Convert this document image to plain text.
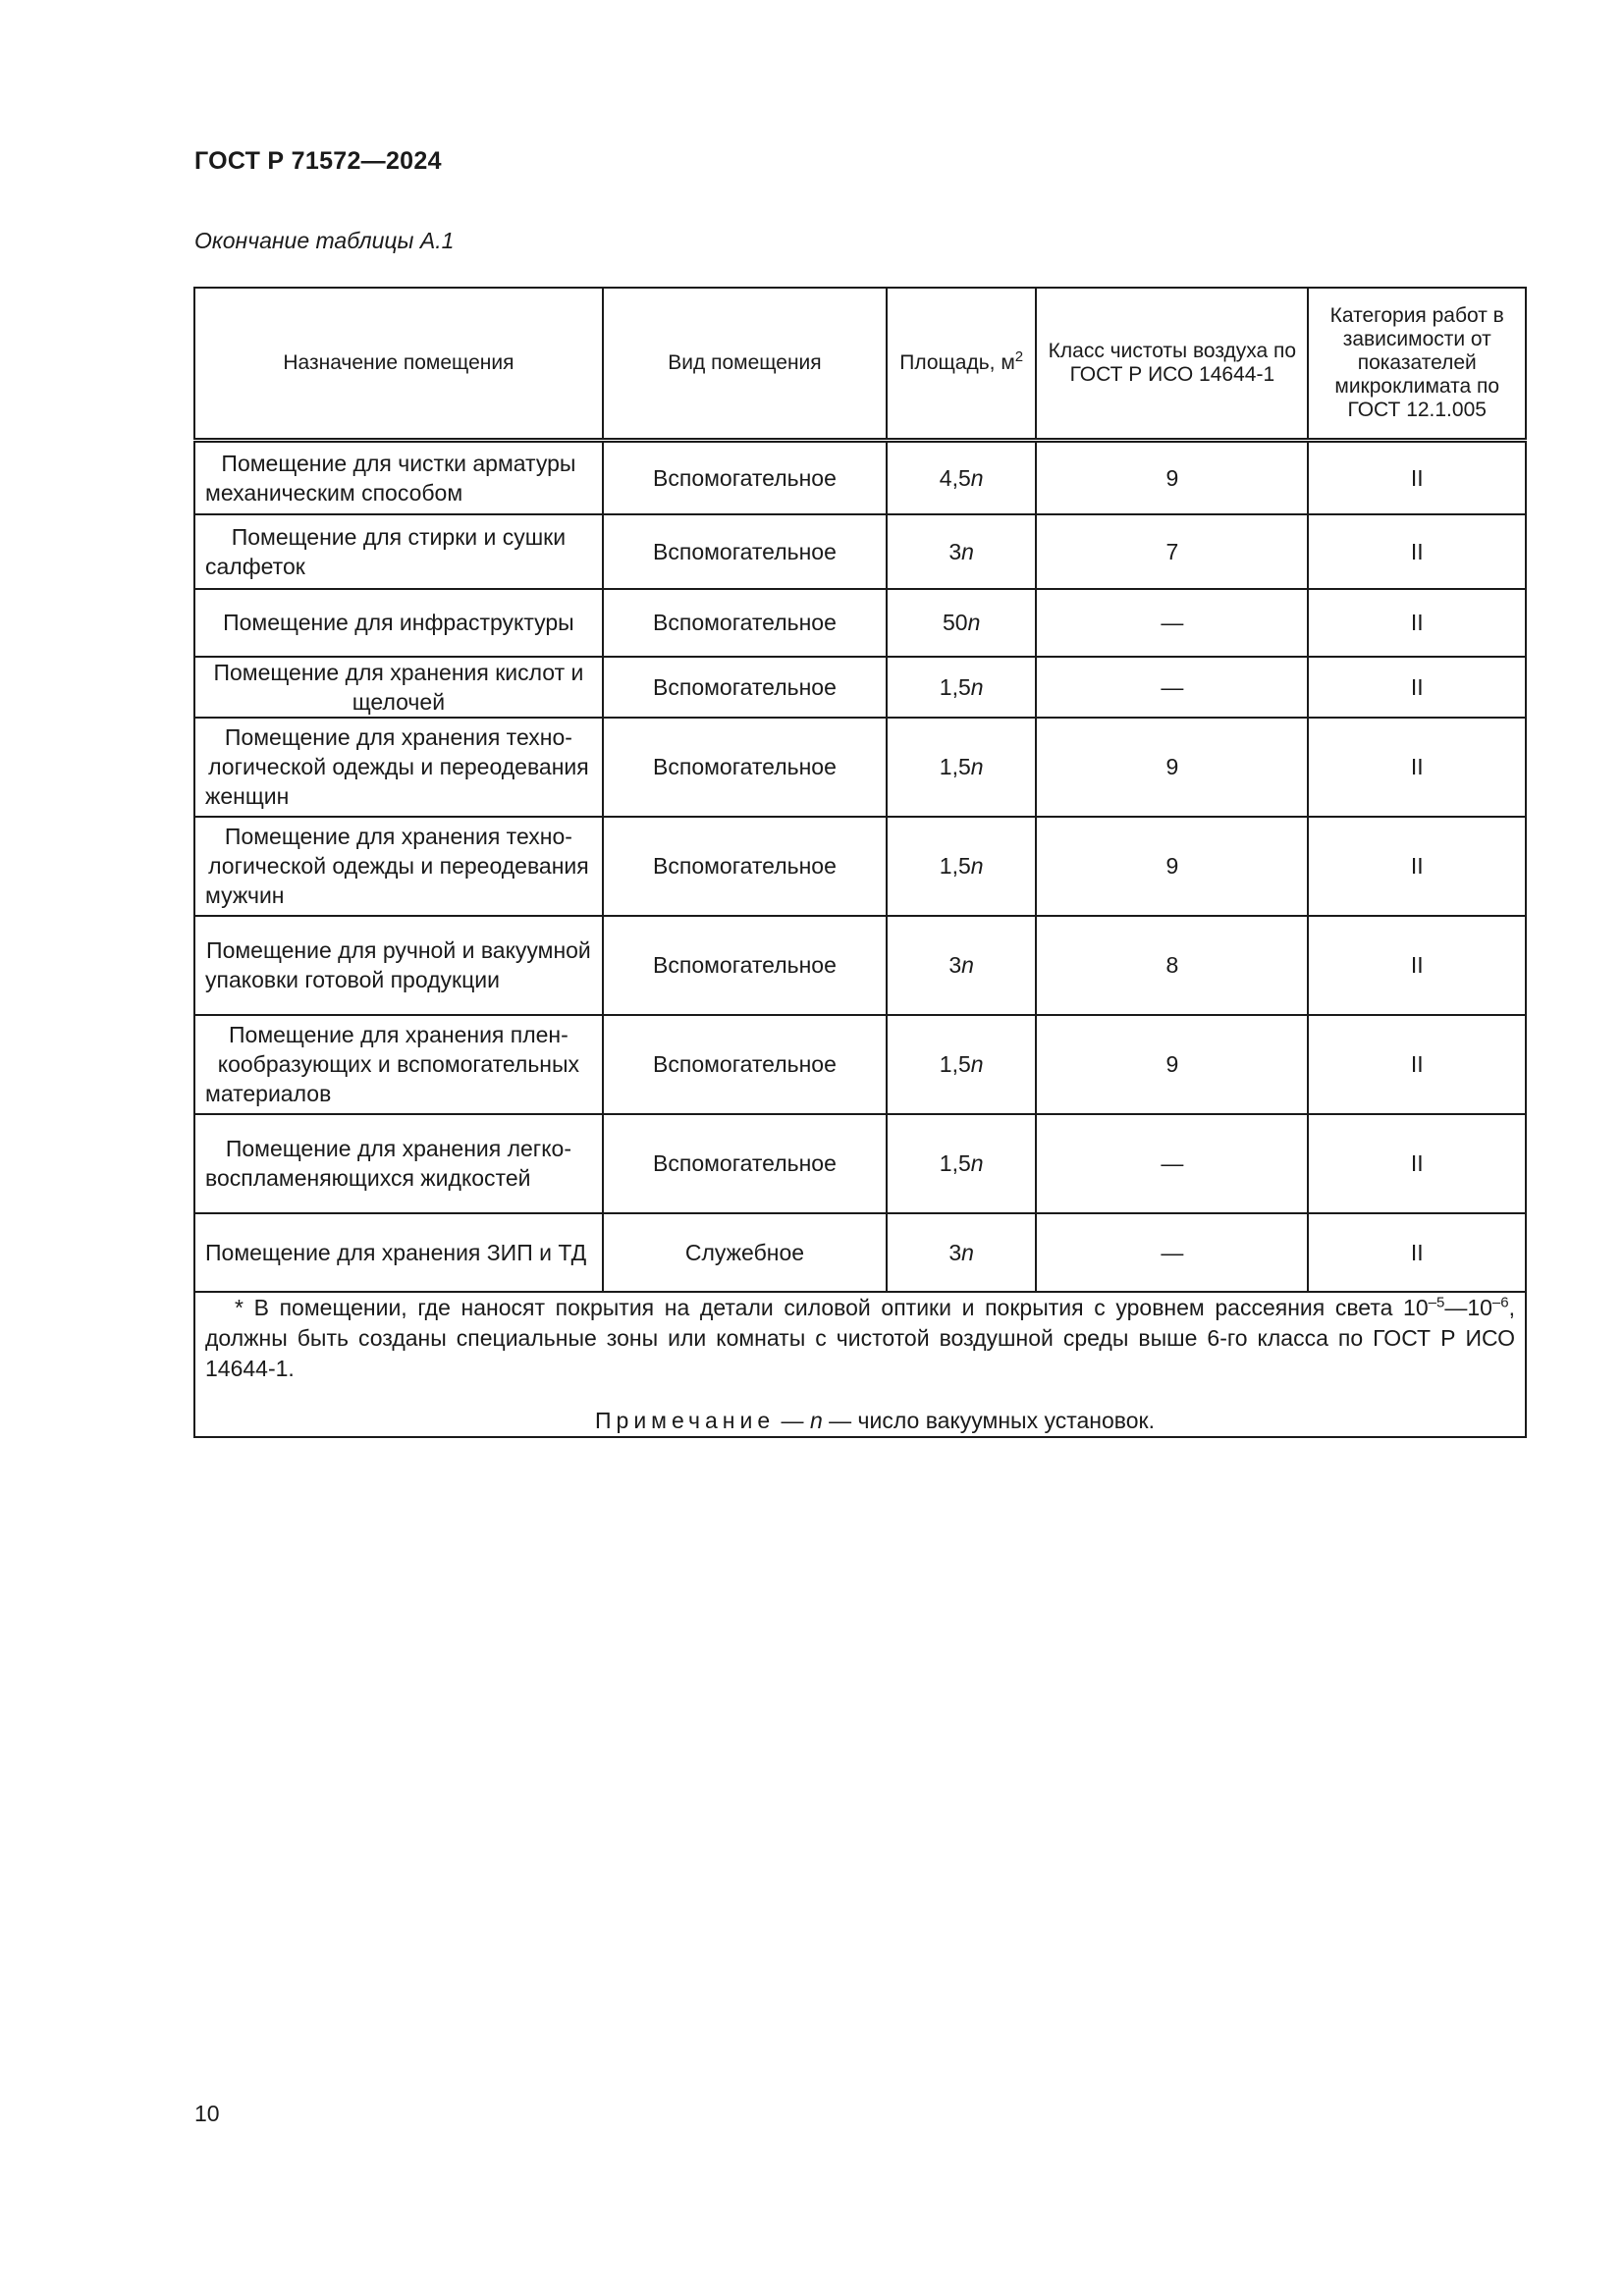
ГОСТ Р 71572—2024
Окончание таблицы А.1
Назначение помещения	Вид помещения	Площадь, $м^2$	Класс чистоты воздуха по ГОСТ Р ИСО 14644-1	Категория работ в зависимости от показателей микроклимата по ГОСТ 12.1.005
Помещение для чистки арматуры механическим способом	Вспомогательное	4,5n	9	II
Помещение для стирки и сушки салфеток	Вспомогательное	3n	7	II
Помещение для инфраструктуры	Вспомогательное	50n	—	II
Помещение для хранения кислот и щелочей	Вспомогательное	1,5n	—	II
Помещение для хранения технологической одежды и переодевания женщин	Вспомогательное	1,5n	9	II
Помещение для хранения технологической одежды и переодевания мужчин	Вспомогательное	1,5n	9	II
Помещение для ручной и вакуумной упаковки готовой продукции	Вспомогательное	3n	8	II
Помещение для хранения пленкообразующих и вспомогательных материалов	Вспомогательное	1,5n	9	II
Помещение для хранения легковоспламеняющихся жидкостей	Вспомогательное	1,5n	—	II
Помещение для хранения ЗИП и ТД	Служебное	3n	—	II

* В помещении, где наносят покрытия на детали силовой оптики и покрытия с уровнем рассеяния света $10^{-5}—10^{-6}$, должны быть созданы специальные зоны или комнаты с чистотой воздушной среды выше 6-го класса по ГОСТ Р ИСО 14644-1.
Примечание — n — число вакуумных установок.				
10
